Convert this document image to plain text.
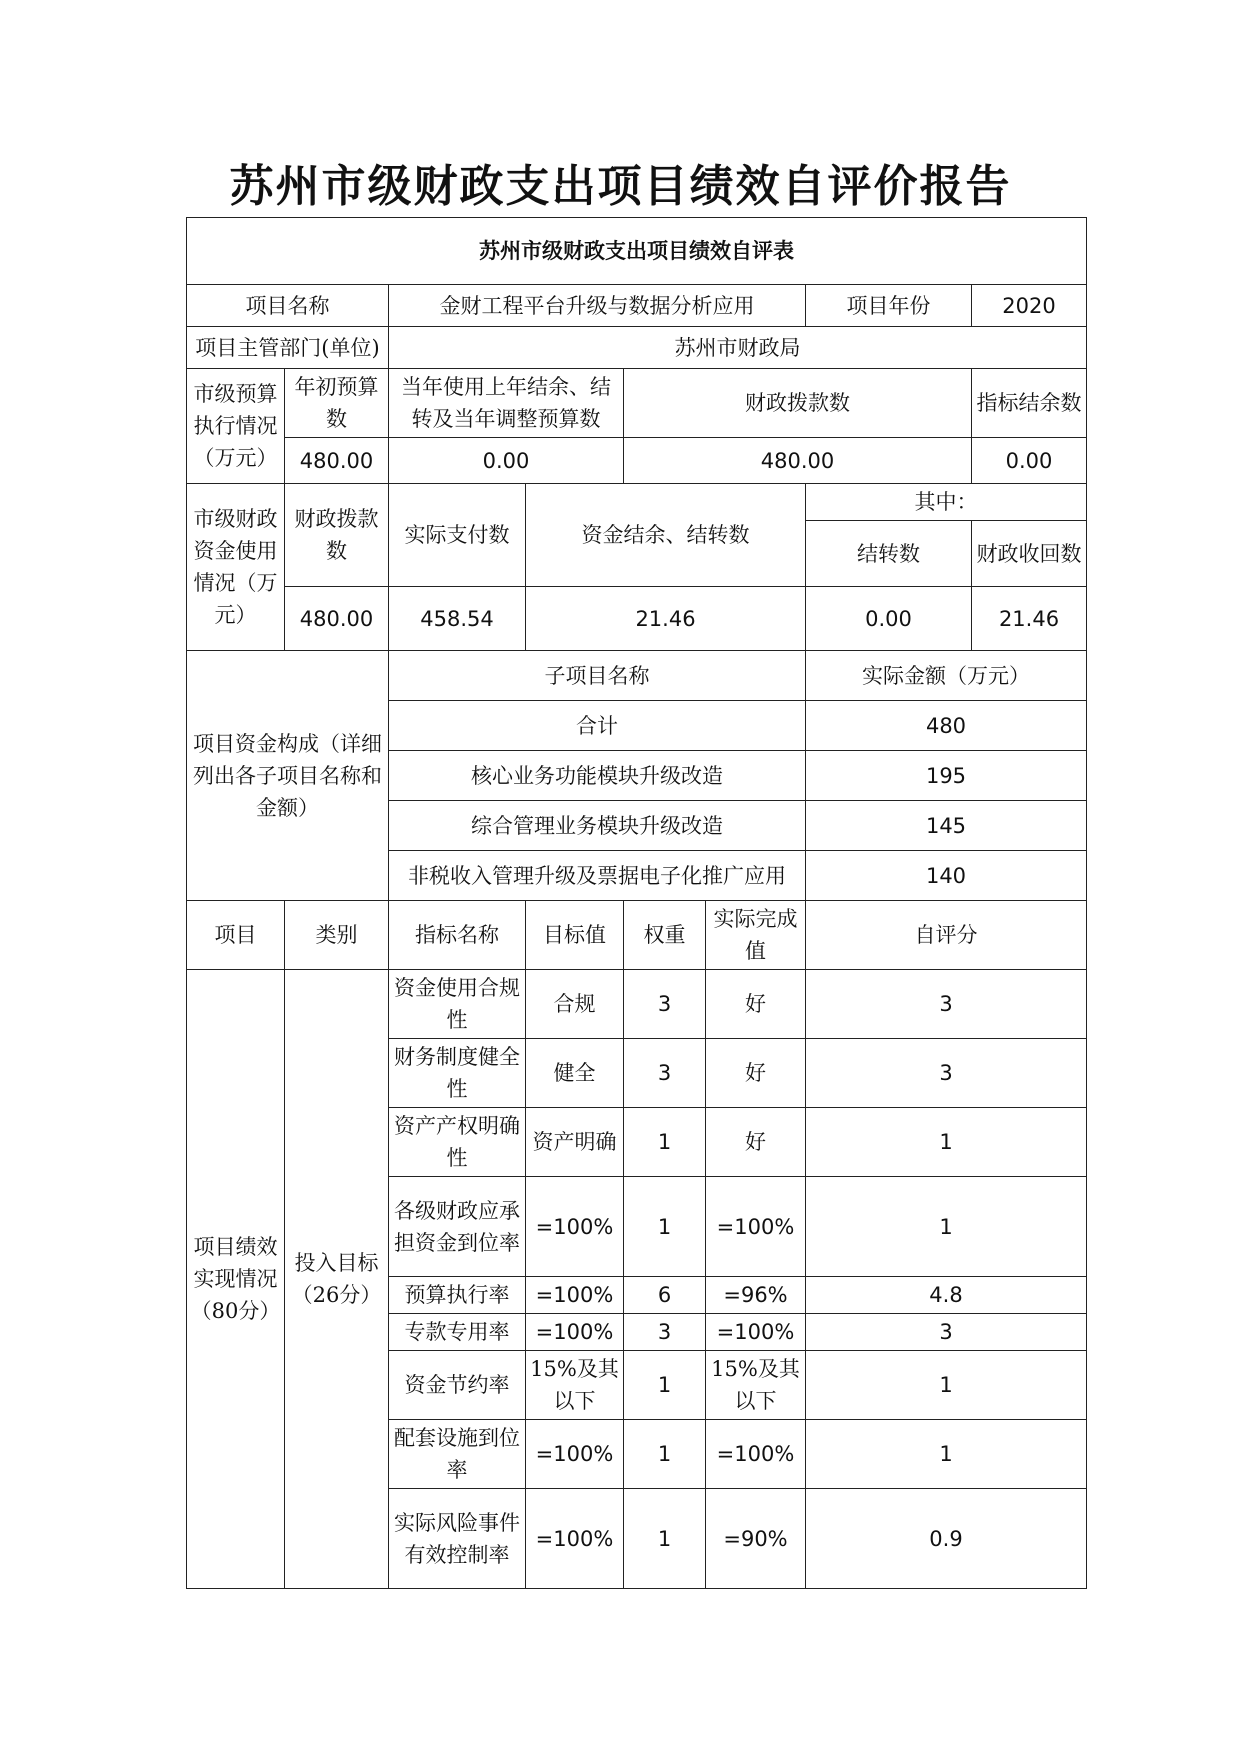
苏州市级财政支出项目绩效自评价报告
苏州市级财政支出项目绩效自评表							
项目名称		金财工程平台升级与数据分析应用				项目年份	2020
项目主管部门(单位)		苏州市财政局					
市级预算执行情况（万元）	年初预算数	当年使用上年结余、结转及当年调整预算数		财政拨款数			指标结余数
	480.00	0.00		480.00			0.00
市级财政资金使用情况（万元）	财政拨款数	实际支付数	资金结余、结转数			其中：	
						结转数	财政收回数
	480.00	458.54	21.46			0.00	21.46
项目资金构成（详细列出各子项目名称和金额）		子项目名称				实际金额（万元）	
		合计				480	
		核心业务功能模块升级改造				195	
		综合管理业务模块升级改造				145	
		非税收入管理升级及票据电子化推广应用				140	
项目	类别	指标名称	目标值	权重	实际完成值	自评分	
项目绩效实现情况（80分）	投入目标（26分）	资金使用合规性	合规	3	好	3	
		财务制度健全性	健全	3	好	3	
		资产产权明确性	资产明确	1	好	1	
		各级财政应承担资金到位率	=100%	1	=100%	1	
		预算执行率	=100%	6	=96%	4.8	
		专款专用率	=100%	3	=100%	3	
		资金节约率	15%及其以下	1	15%及其以下	1	
		配套设施到位率	=100%	1	=100%	1	
		实际风险事件有效控制率	=100%	1	=90%	0.9	
